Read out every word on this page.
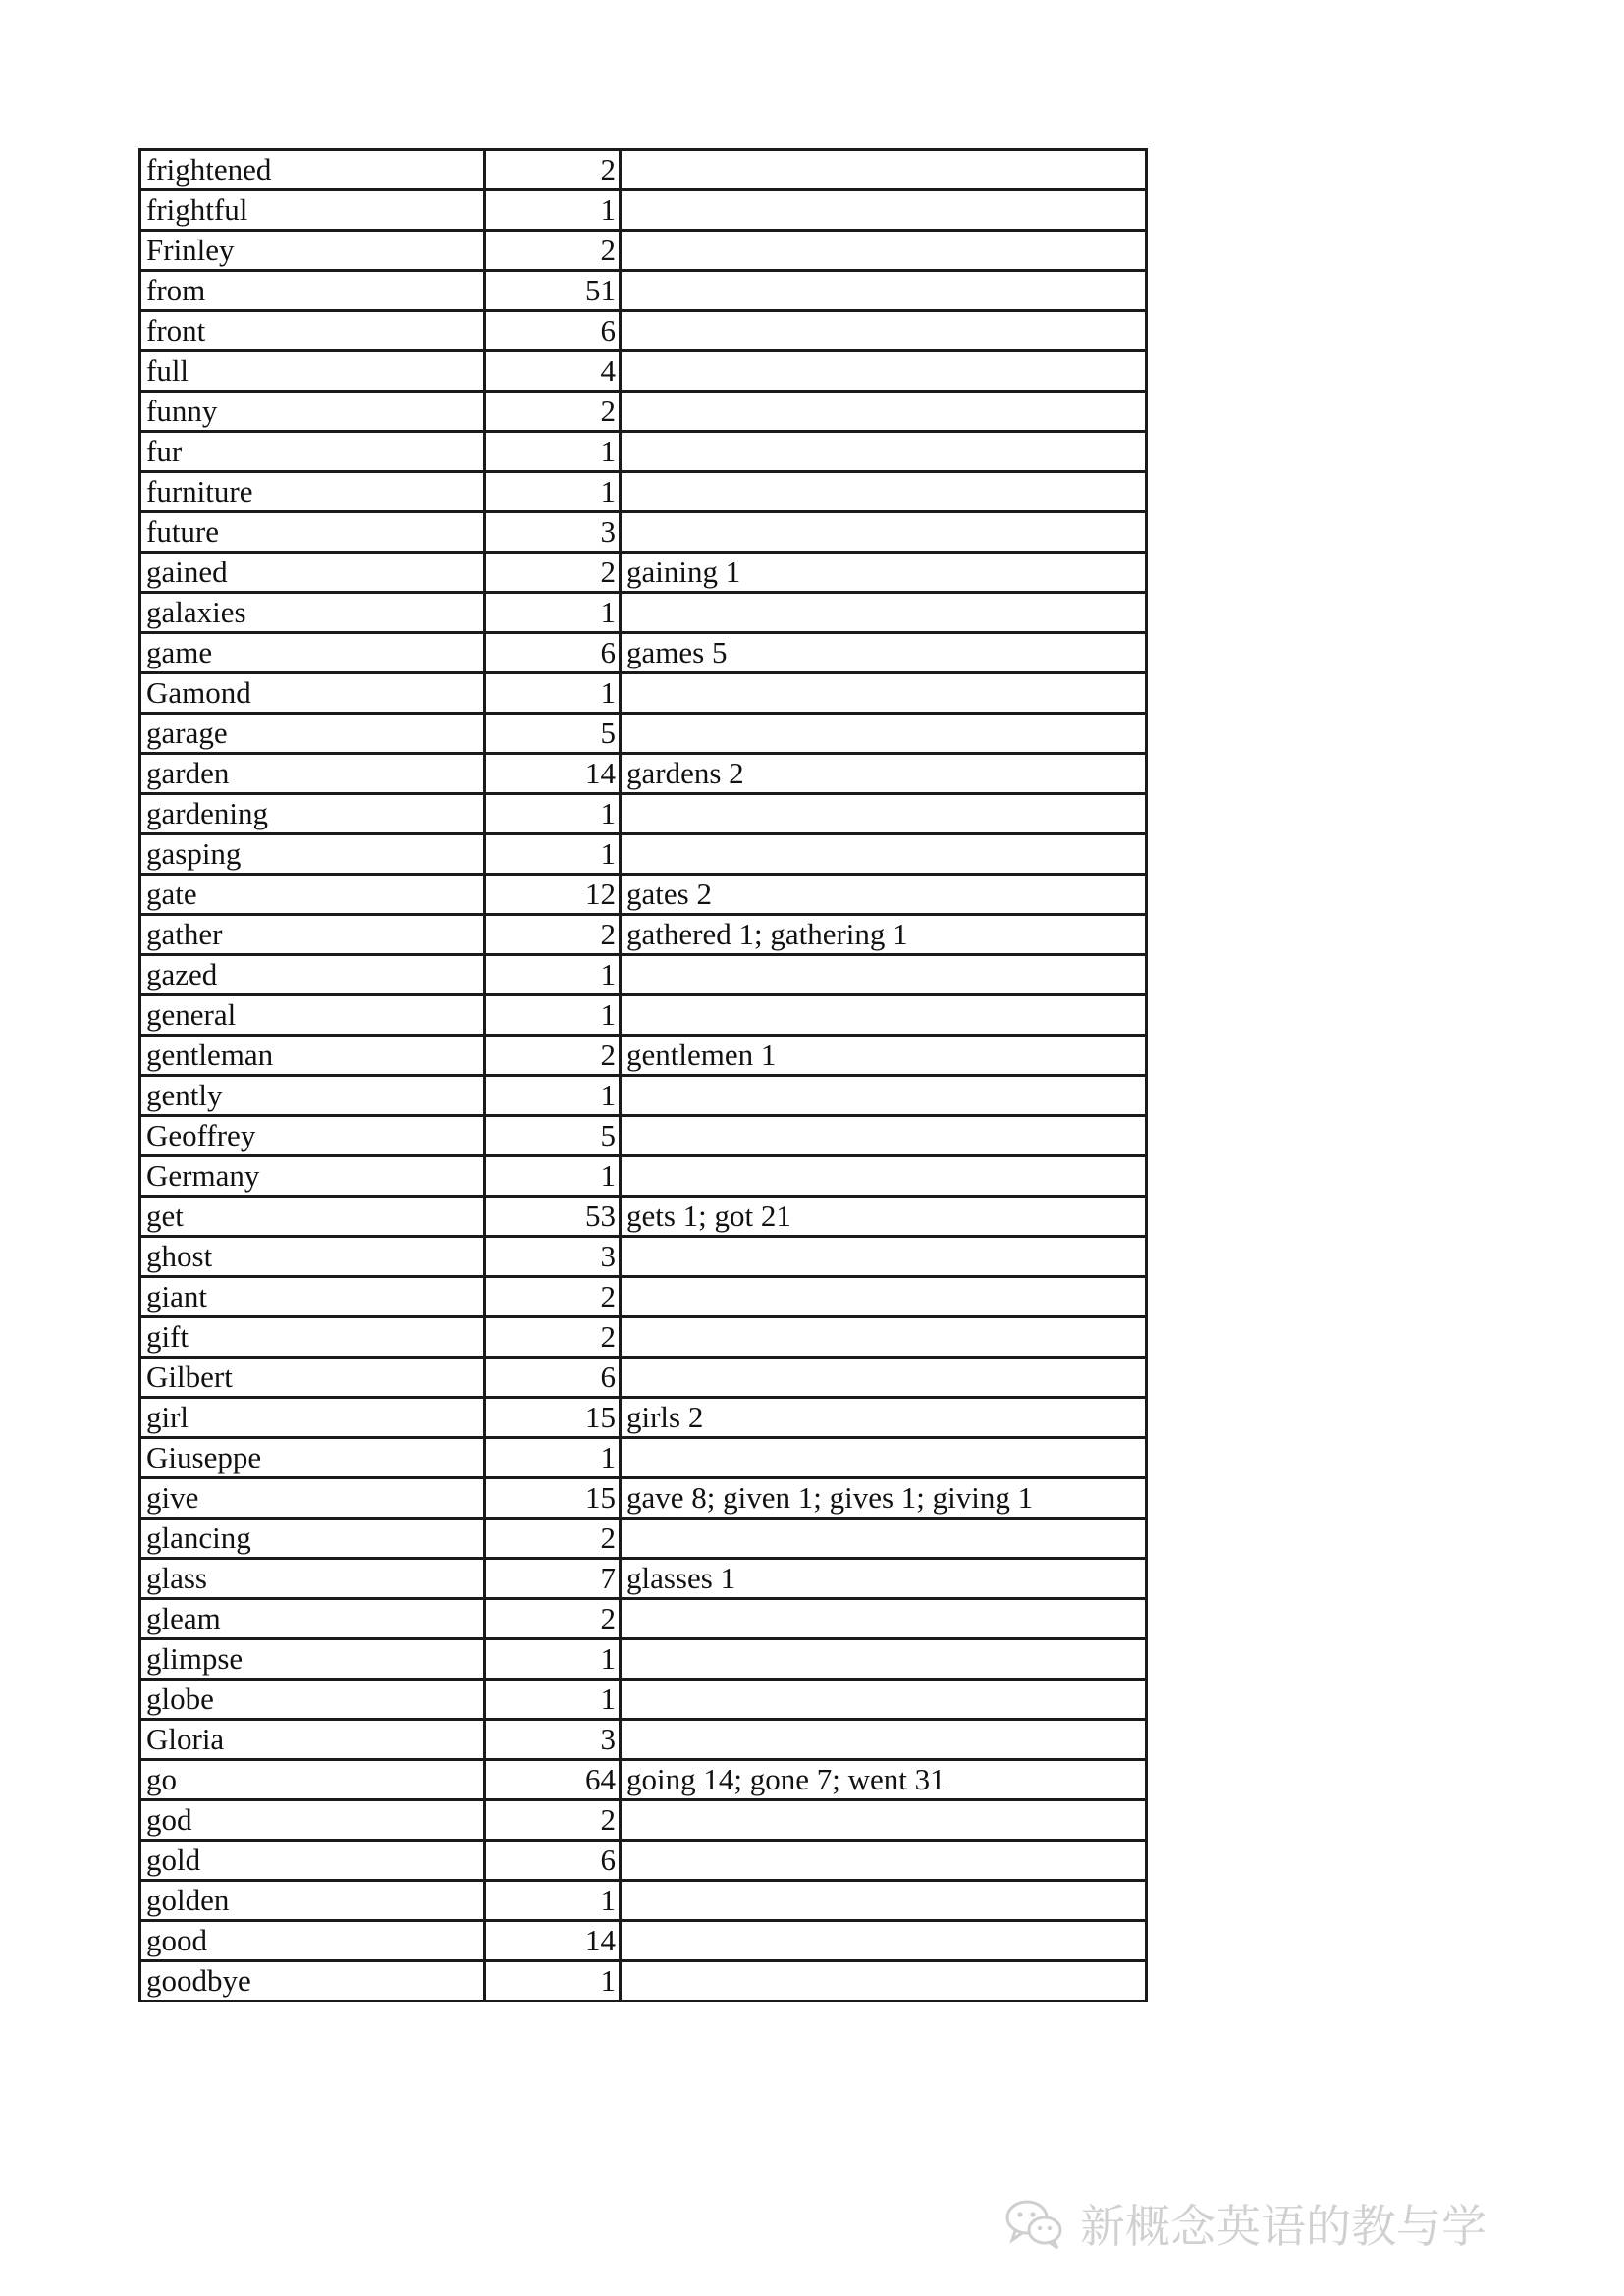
frightened	2	
frightful	1	
Frinley	2	
from	51	
front	6	
full	4	
funny	2	
fur	1	
furniture	1	
future	3	
gained	2	gaining 1
galaxies	1	
game	6	games 5
Gamond	1	
garage	5	
garden	14	gardens 2
gardening	1	
gasping	1	
gate	12	gates 2
gather	2	gathered 1; gathering 1
gazed	1	
general	1	
gentleman	2	gentlemen 1
gently	1	
Geoffrey	5	
Germany	1	
get	53	gets 1; got 21
ghost	3	
giant	2	
gift	2	
Gilbert	6	
girl	15	girls 2
Giuseppe	1	
give	15	gave 8; given 1; gives 1; giving 1
glancing	2	
glass	7	glasses 1
gleam	2	
glimpse	1	
globe	1	
Gloria	3	
go	64	going 14; gone 7; went 31
god	2	
gold	6	
golden	1	
good	14	
goodbye	1	
新概念英语的教与学
